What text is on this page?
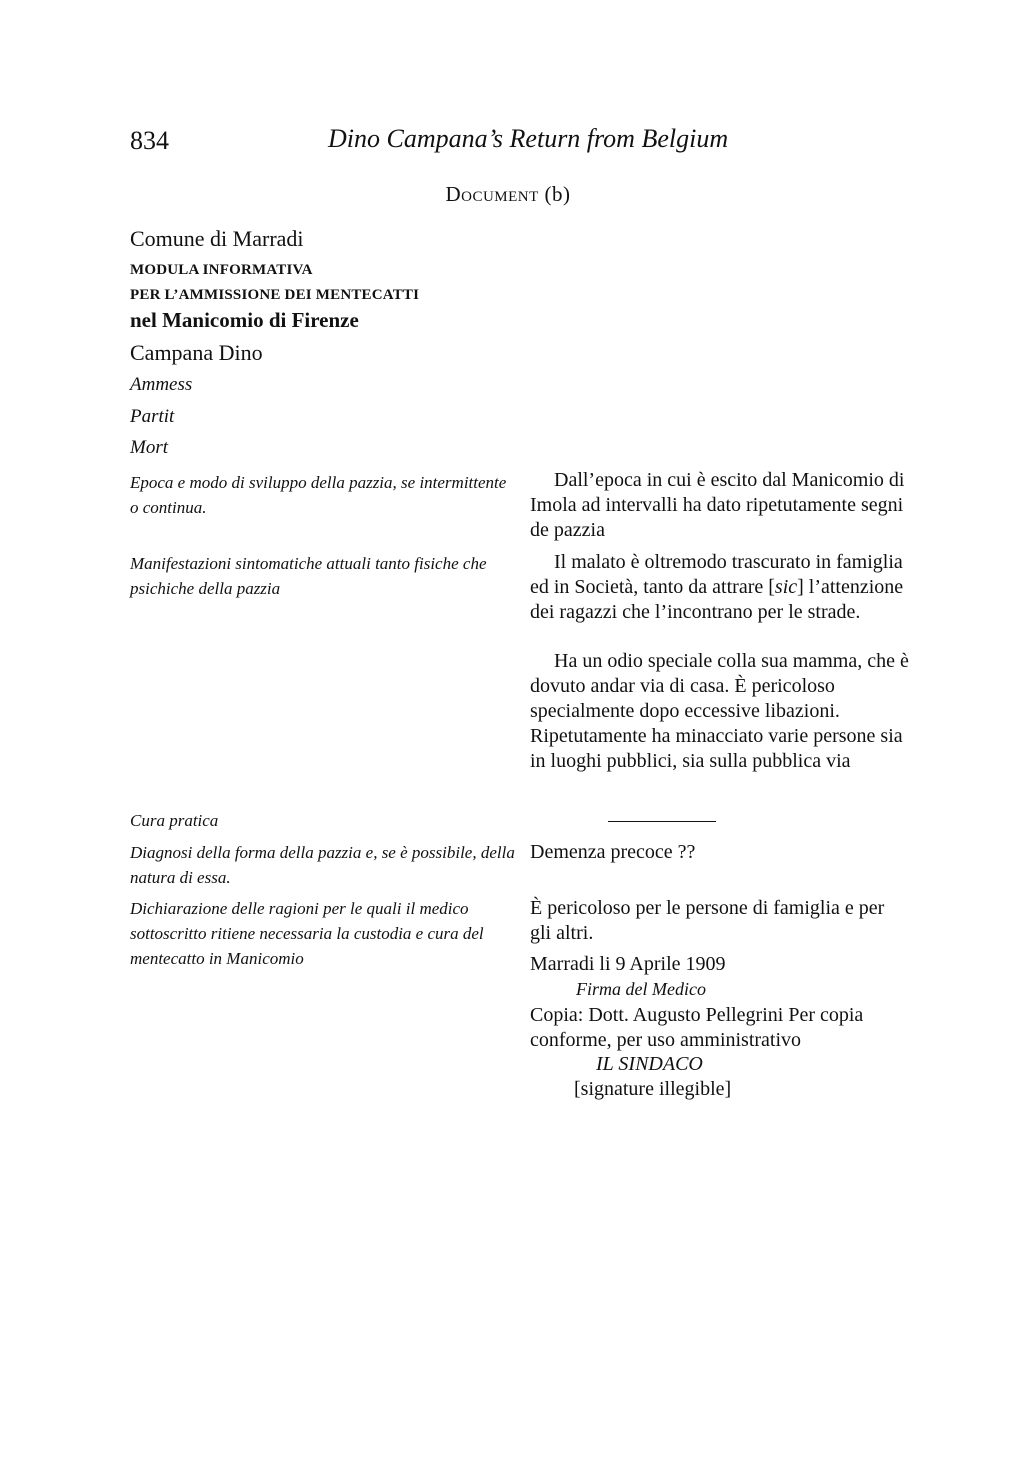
834	Dino Campana’s Return from Belgium
Document (b)
Comune di Marradi
MODULA INFORMATIVA
PER L’AMMISSIONE DEI MENTECATTI
nel Manicomio di Firenze
Campana Dino
Ammess
Partit
Mort
Epoca e modo di sviluppo della pazzia, se intermittente o continua.
Dall’epoca in cui è escito dal Manicomio di Imola ad intervalli ha dato ripetutamente segni de pazzia
Manifestazioni sintomatiche attuali tanto fisiche che psichiche della pazzia
Il malato è oltremodo trascurato in famiglia ed in Società, tanto da attrare [sic] l’attenzione dei ragazzi che l’incontrano per le strade.
Ha un odio speciale colla sua mamma, che è dovuto andar via di casa. È pericoloso specialmente dopo eccessive libazioni. Ripetutamente ha minacciato varie persone sia in luoghi pubblici, sia sulla pubblica via
Cura pratica
Diagnosi della forma della pazzia e, se è possibile, della natura di essa.
Demenza precoce ??
Dichiarazione delle ragioni per le quali il medico sottoscritto ritiene necessaria la custodia e cura del mentecatto in Manicomio
È pericoloso per le persone di famiglia e per gli altri.
Marradi li 9 Aprile 1909
Firma del Medico
Copia: Dott. Augusto Pellegrini Per copia conforme, per uso amministrativo
IL SINDACO
[signature illegible]
